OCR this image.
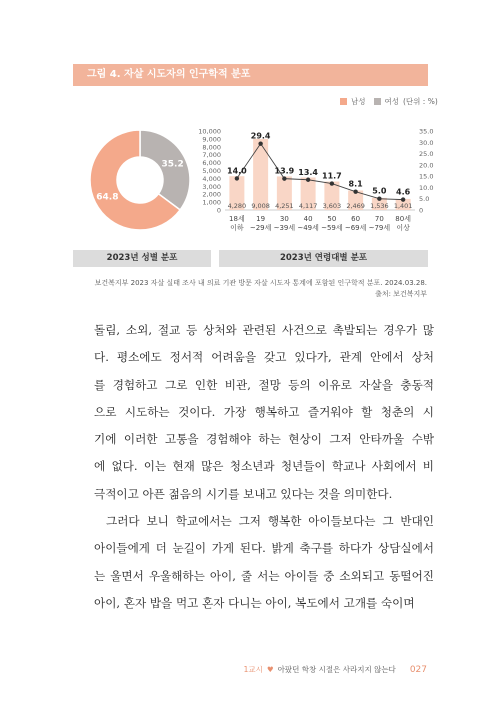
그림 4. 자살 시도자의 인구학적 분포
남성	여성 (단위 : %)
35.2
64.8
0
1,000
2,000
3,000
4,000
5,000
6,000
7,000
8,000
9,000
10,000
0
5.0
10.0
15.0
20.0
25.0
30.0
35.0
4,280
18세
이하
9,008
19
~29세
4,251
30
~39세
4,117
40
~49세
3,603
50
~59세
2,469
60
~69세
1,536
70
~79세
1,401
80세
이상
14.0
29.4
13.9 13.4 11.7
8.1
5.0 4.6
2023년 성별 분포	2023년 연령대별 분포
보건복지부 2023 자살 실태 조사 내 의료 기관 방문 자살 시도자 통계에 포함된 인구학적 분포. 2024.03.28.
출처: 보건복지부
돌림, 소외, 절교 등 상처와 관련된 사건으로 촉발되는 경우가 많
다. 평소에도 정서적 어려움을 갖고 있다가, 관계 안에서 상처
를 경험하고 그로 인한 비관, 절망 등의 이유로 자살을 충동적
으로 시도하는 것이다. 가장 행복하고 즐거워야 할 청춘의 시
기에 이러한 고통을 경험해야 하는 현상이 그저 안타까울 수밖
에 없다. 이는 현재 많은 청소년과 청년들이 학교나 사회에서 비
극적이고 아픈 젊음의 시기를 보내고 있다는 것을 의미한다.
그러다 보니 학교에서는 그저 행복한 아이들보다는 그 반대인
아이들에게 더 눈길이 가게 된다. 밝게 축구를 하다가 상담실에서
는 울면서 우울해하는 아이, 줄 서는 아이들 중 소외되고 동떨어진
아이, 혼자 밥을 먹고 혼자 다니는 아이, 복도에서 고개를 숙이며
1교시 ♥ 아팠던 학창 시절은 사라지지 않는다 027
